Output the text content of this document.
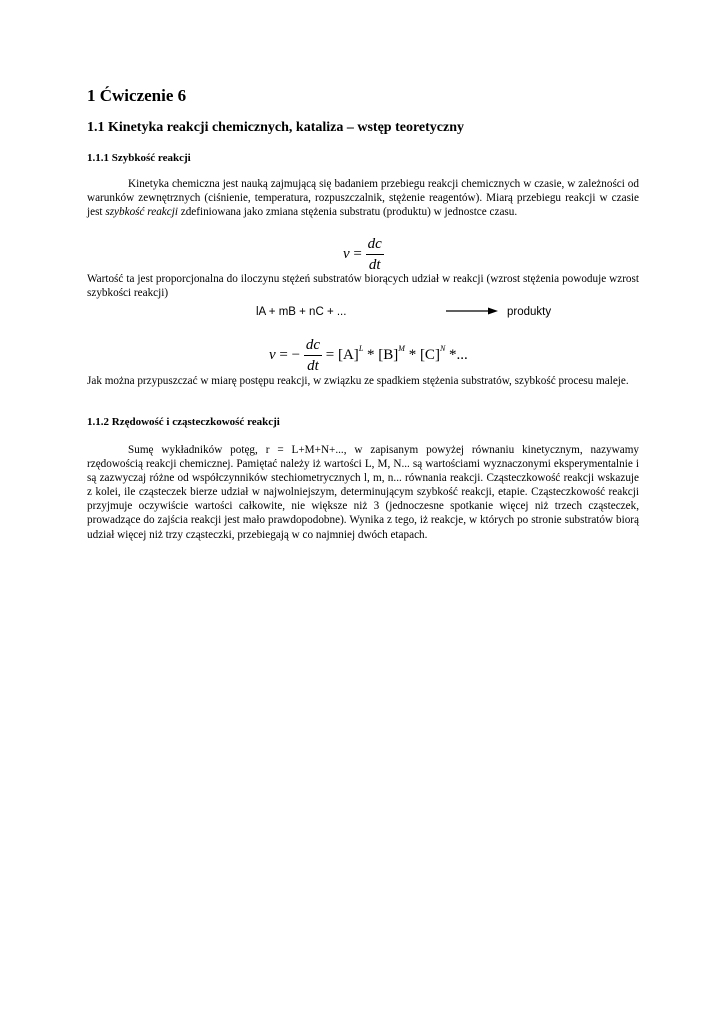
1 Ćwiczenie 6
1.1 Kinetyka reakcji chemicznych, kataliza – wstęp teoretyczny
1.1.1 Szybkość reakcji
Kinetyka chemiczna jest nauką zajmującą się badaniem przebiegu reakcji chemicznych w czasie, w zależności od warunków zewnętrznych (ciśnienie, temperatura, rozpuszczalnik, stężenie reagentów). Miarą przebiegu reakcji w czasie jest szybkość reakcji zdefiniowana jako zmiana stężenia substratu (produktu) w jednostce czasu.
$v = \frac{dc}{dt}$
Wartość ta jest proporcjonalna do iloczynu stężeń substratów biorących udział w reakcji (wzrost stężenia powoduje wzrost szybkości reakcji)
lA + mB + nC + ...	→ produkty
v = − $\frac{dc}{dt} = [A]^L * [B]^M * [C]^N$ *...
Jak można przypuszczać w miarę postępu reakcji, w związku ze spadkiem stężenia substratów, szybkość procesu maleje.
1.1.2 Rzędowość i cząsteczkowość reakcji
Sumę wykładników potęg, r = L+M+N+..., w zapisanym powyżej równaniu kinetycznym, nazywamy rzędowością reakcji chemicznej. Pamiętać należy iż wartości L, M, N... są wartościami wyznaczonymi eksperymentalnie i są zazwyczaj różne od współczynników stechiometrycznych l, m, n... równania reakcji. Cząsteczkowość reakcji wskazuje z kolei, ile cząsteczek bierze udział w najwolniejszym, determinującym szybkość reakcji, etapie. Cząsteczkowość reakcji przyjmuje oczywiście wartości całkowite, nie większe niż 3 (jednoczesne spotkanie więcej niż trzech cząsteczek, prowadzące do zajścia reakcji jest mało prawdopodobne). Wynika z tego, iż reakcje, w których po stronie substratów biorą udział więcej niż trzy cząsteczki, przebiegają w co najmniej dwóch etapach.
